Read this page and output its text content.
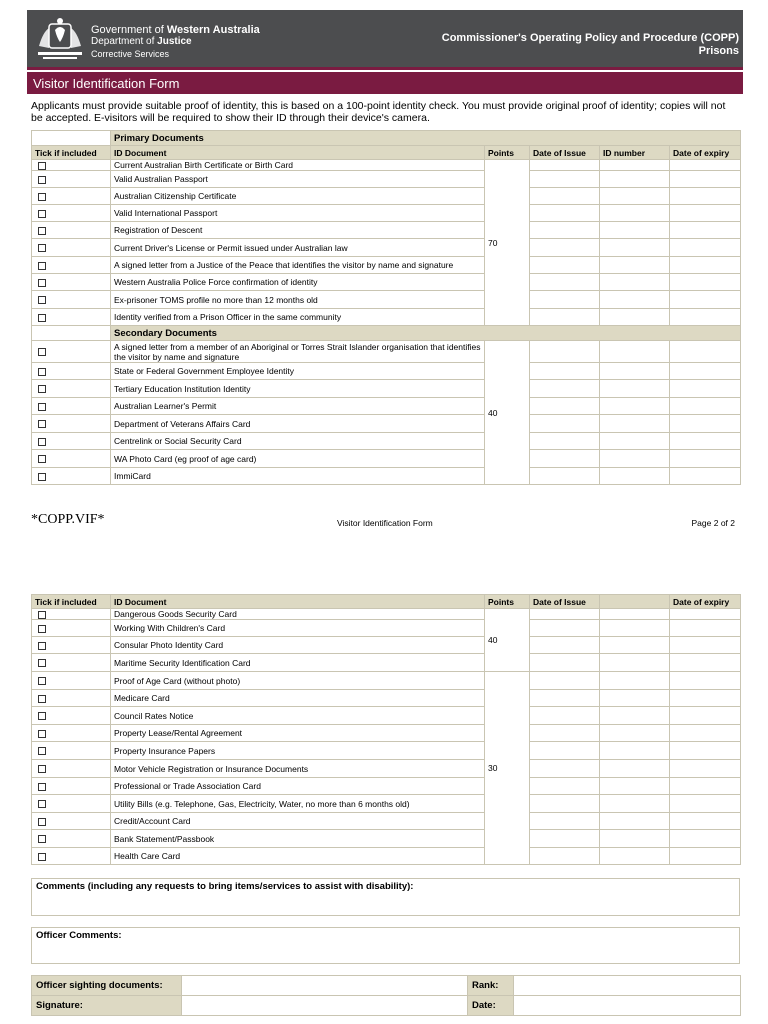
Government of Western Australia
Department of Justice
Corrective Services
Commissioner's Operating Policy and Procedure (COPP)
Prisons
Visitor Identification Form
Applicants must provide suitable proof of identity, this is based on a 100-point identity check. You must provide original proof of identity; copies will not be accepted. E-visitors will be required to show their ID through their device's camera.
	Primary Documents				
Tick if included	ID Document	Points	Date of Issue	ID number	Date of expiry
	Current Australian Birth Certificate or Birth Card	70			
	Valid Australian Passport				
	Australian Citizenship Certificate				
	Valid International Passport				
	Registration of Descent				
	Current Driver's License or Permit issued under Australian law				
	A signed letter from a Justice of the Peace that identifies the visitor by name and signature				
	Western Australia Police Force confirmation of identity				
	Ex-prisoner TOMS profile no more than 12 months old				
	Identity verified from a Prison Officer in the same community				
	Secondary Documents				
	A signed letter from a member of an Aboriginal or Torres Strait Islander organisation that identifies the visitor by name and signature	40			
	State or Federal Government Employee Identity				
	Tertiary Education Institution Identity				
	Australian Learner's Permit				
	Department of Veterans Affairs Card				
	Centrelink or Social Security Card				
	WA Photo Card (eg proof of age card)				
	ImmiCard				
*COPP.VIF*	Visitor Identification Form	Page 2 of 2
Tick if included	ID Document	Points	Date of Issue		Date of expiry
	Dangerous Goods Security Card	40			
	Working With Children's Card				
	Consular Photo Identity Card				
	Maritime Security Identification Card				
	Proof of Age Card (without photo)	30			
	Medicare Card				
	Council Rates Notice				
	Property Lease/Rental Agreement				
	Property Insurance Papers				
	Motor Vehicle Registration or Insurance Documents				
	Professional or Trade Association Card				
	Utility Bills (e.g. Telephone, Gas, Electricity, Water, no more than 6 months old)				
	Credit/Account Card				
	Bank Statement/Passbook				
	Health Care Card				
Comments (including any requests to bring items/services to assist with disability):
Officer Comments:
Officer sighting documents:		Rank:	
Signature:		Date:	
